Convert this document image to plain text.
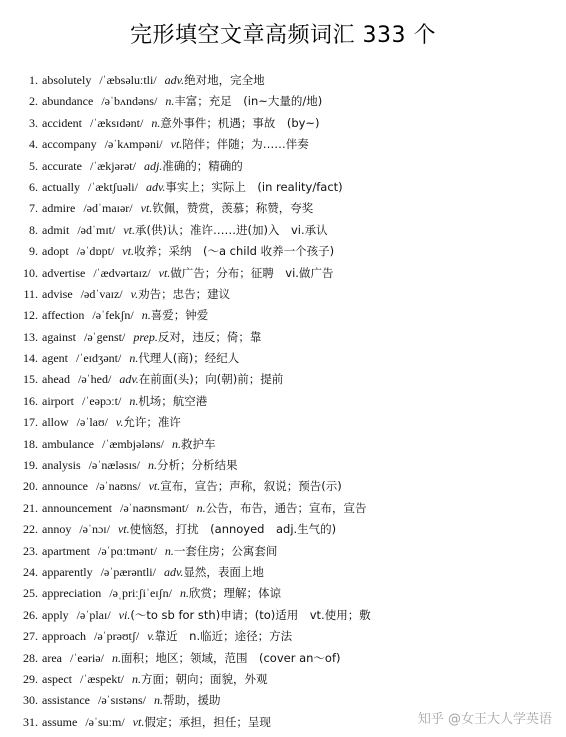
完形填空文章高频词汇 333 个
1. absolutely /ˈæbsəluːtli/ adv.绝对地，完全地
2. abundance /əˈbʌndəns/ n.丰富；充足　(in~大量的/地)
3. accident /ˈæksɪdənt/ n.意外事件；机遇；事故　(by~)
4. accompany /əˈkʌmpəni/ vt.陪伴；伴随；为……伴奏
5. accurate /ˈækjərət/ adj.准确的；精确的
6. actually /ˈæktʃuəli/ adv.事实上；实际上　(in reality/fact)
7. admire /ədˈmaɪər/ vt.钦佩，赞赏，羡慕；称赞，夸奖
8. admit /ədˈmɪt/ vt.承(供)认；准许……进(加)入　vi.承认
9. adopt /əˈdɒpt/ vt.收养；采纳　(～a child 收养一个孩子)
10. advertise /ˈædvərtaɪz/ vt.做广告；分布；征聘　vi.做广告
11. advise /ədˈvaɪz/ v.劝告；忠告；建议
12. affection /əˈfekʃn/ n.喜爱；钟爱
13. against /əˈgenst/ prep.反对，违反；倚；靠
14. agent /ˈeɪdʒənt/ n.代理人(商)；经纪人
15. ahead /əˈhed/ adv.在前面(头)；向(朝)前；提前
16. airport /ˈeəpɔːt/ n.机场；航空港
17. allow /əˈlaʊ/ v.允许；准许
18. ambulance /ˈæmbjələns/ n.救护车
19. analysis /əˈnæləsɪs/ n.分析；分析结果
20. announce /əˈnaʊns/ vt.宣布，宣告；声称，叙说；预告(示)
21. announcement /əˈnaʊnsmənt/ n.公告，布告，通告；宣布，宣告
22. annoy /əˈnɔɪ/ vt.使恼怒，打扰　(annoyed　adj.生气的)
23. apartment /əˈpɑːtmənt/ n.一套住房；公寓套间
24. apparently /əˈpærəntli/ adv.显然，表面上地
25. appreciation /əˌpriːʃiˈeɪʃn/ n.欣赏；理解；体谅
26. apply /əˈplaɪ/ vi.(～to sb for sth)申请；(to)适用　vt.使用；敷
27. approach /əˈprəʊtʃ/ v.靠近　n.临近；途径；方法
28. area /ˈeəriə/ n.面积；地区；领域，范围　(cover an～of)
29. aspect /ˈæspekt/ n.方面；朝向；面貌，外观
30. assistance /əˈsɪstəns/ n.帮助，援助
31. assume /əˈsuːm/ vt.假定；承担，担任；呈现	知乎 @女王大人学英语
